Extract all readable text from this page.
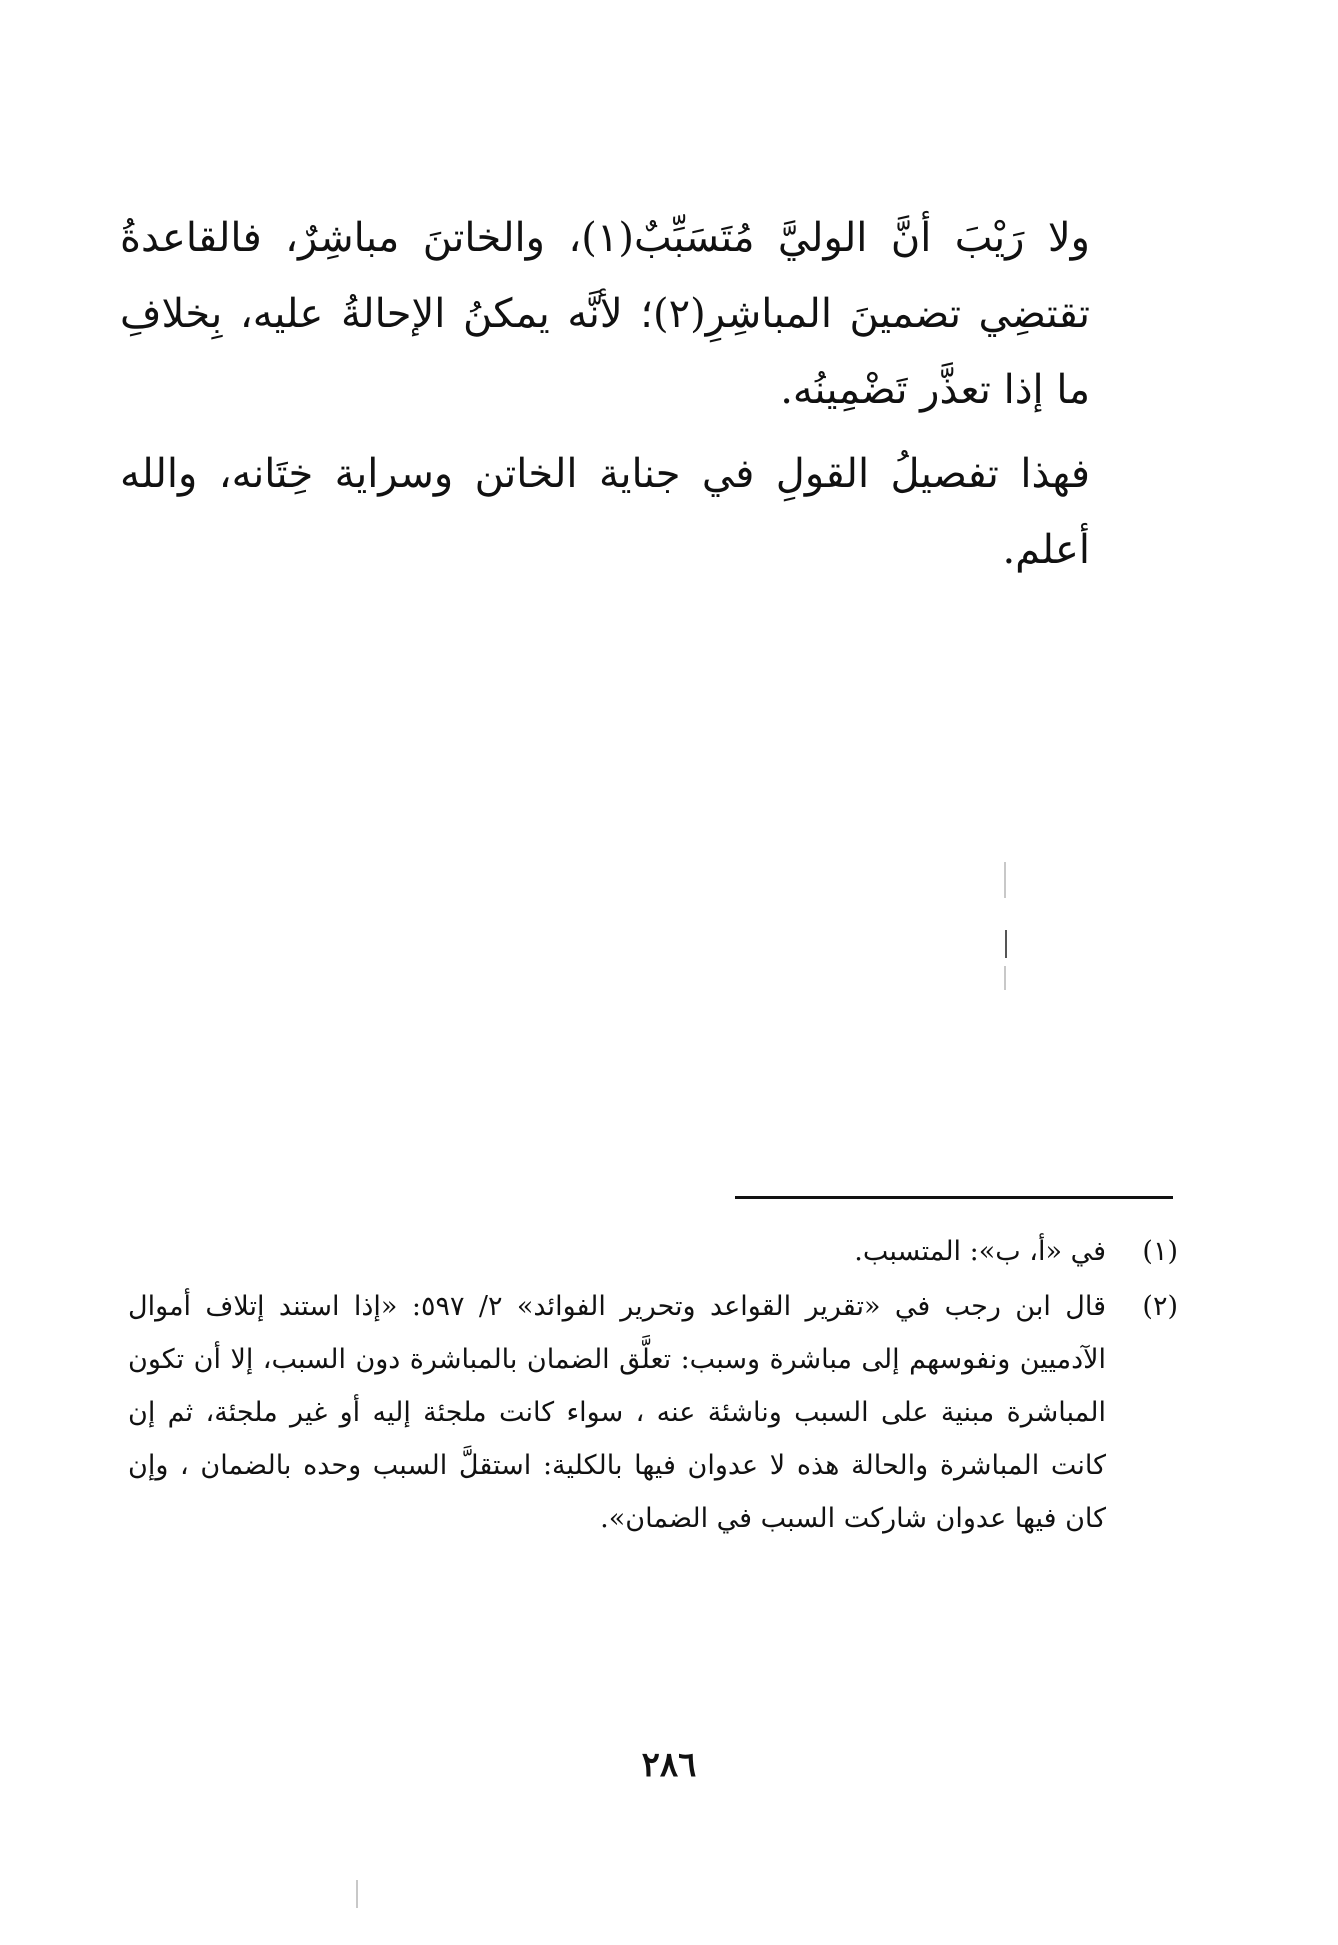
ولا رَيْبَ أنَّ الوليَّ مُتَسَبِّبٌ(١)، والخاتنَ مباشِرٌ، فالقاعدةُ تقتضِي تضمينَ المباشِرِ(٢)؛ لأنَّه يمكنُ الإحالةُ عليه، بِخلافِ ما إذا تعذَّر تَضْمِينُه.

فهذا تفصيلُ القولِ في جناية الخاتن وسراية خِتَانه، والله أعلم.

(١)
في «أ، ب»: المتسبب.
(٢)
قال ابن رجب في «تقرير القواعد وتحرير الفوائد» ٢/ ٥٩٧: «إذا استند إتلاف أموال الآدميين ونفوسهم إلى مباشرة وسبب: تعلَّق الضمان بالمباشرة دون السبب، إلا أن تكون المباشرة مبنية على السبب وناشئة عنه ، سواء كانت ملجئة إليه أو غير ملجئة، ثم إن كانت المباشرة والحالة هذه لا عدوان فيها بالكلية: استقلَّ السبب وحده بالضمان ، وإن كان فيها عدوان شاركت السبب في الضمان».
٢٨٦
